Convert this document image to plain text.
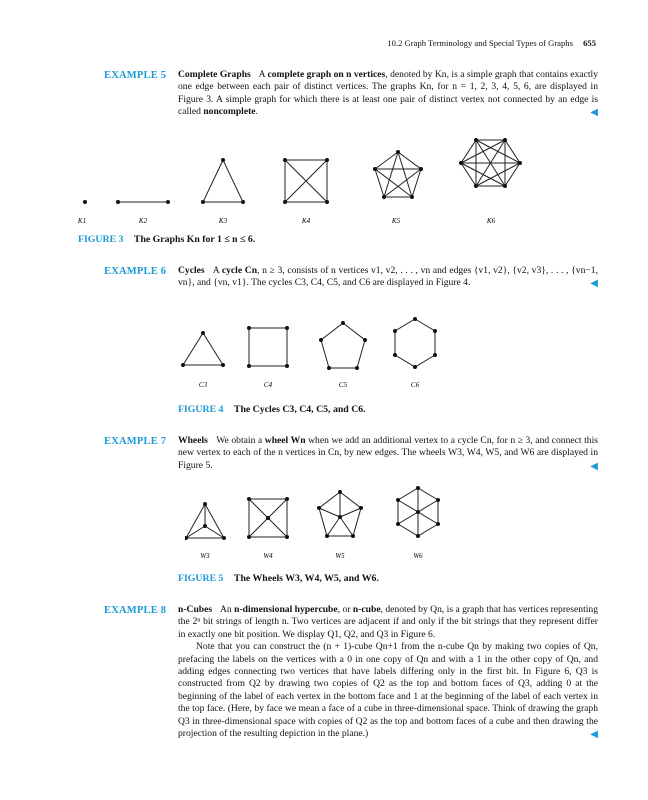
10.2 Graph Terminology and Special Types of Graphs 655
EXAMPLE 5 Complete Graphs A complete graph on n vertices, denoted by Kn, is a simple graph that contains exactly one edge between each pair of distinct vertices. The graphs Kn, for n = 1, 2, 3, 4, 5, 6, are displayed in Figure 3. A simple graph for which there is at least one pair of distinct vertex not connected by an edge is called noncomplete.	◀
K1	K2	K3	K4	K5	K6
FIGURE 3 The Graphs Kn for 1 ≤ n ≤ 6.
EXAMPLE 6 Cycles A cycle Cn, n ≥ 3, consists of n vertices v1, v2, . . . , vn and edges {v1, v2}, {v2, v3}, . . . , {vn−1, vn}, and {vn, v1}. The cycles C3, C4, C5, and C6 are displayed in Figure 4.	◀
C3	C4	C5	C6
FIGURE 4 The Cycles C3, C4, C5, and C6.
EXAMPLE 7 Wheels We obtain a wheel Wn when we add an additional vertex to a cycle Cn, for n ≥ 3, and connect this new vertex to each of the n vertices in Cn, by new edges. The wheels W3, W4, W5, and W6 are displayed in Figure 5.	◀
W3	W4	W5	W6
FIGURE 5 The Wheels W3, W4, W5, and W6.
EXAMPLE 8 n-Cubes An n-dimensional hypercube, or n-cube, denoted by Qn, is a graph that has vertices representing the 2ⁿ bit strings of length n. Two vertices are adjacent if and only if the bit strings that they represent differ in exactly one bit position. We display Q1, Q2, and Q3 in Figure 6.

Note that you can construct the (n + 1)-cube Qn+1 from the n-cube Qn by making two copies of Qn, prefacing the labels on the vertices with a 0 in one copy of Qn and with a 1 in the other copy of Qn, and adding edges connecting two vertices that have labels differing only in the first bit. In Figure 6, Q3 is constructed from Q2 by drawing two copies of Q2 as the top and bottom faces of Q3, adding 0 at the beginning of the label of each vertex in the bottom face and 1 at the beginning of the label of each vertex in the top face. (Here, by face we mean a face of a cube in three-dimensional space. Think of drawing the graph Q3 in three-dimensional space with copies of Q2 as the top and bottom faces of a cube and then drawing the projection of the resulting depiction in the plane.)	◀
